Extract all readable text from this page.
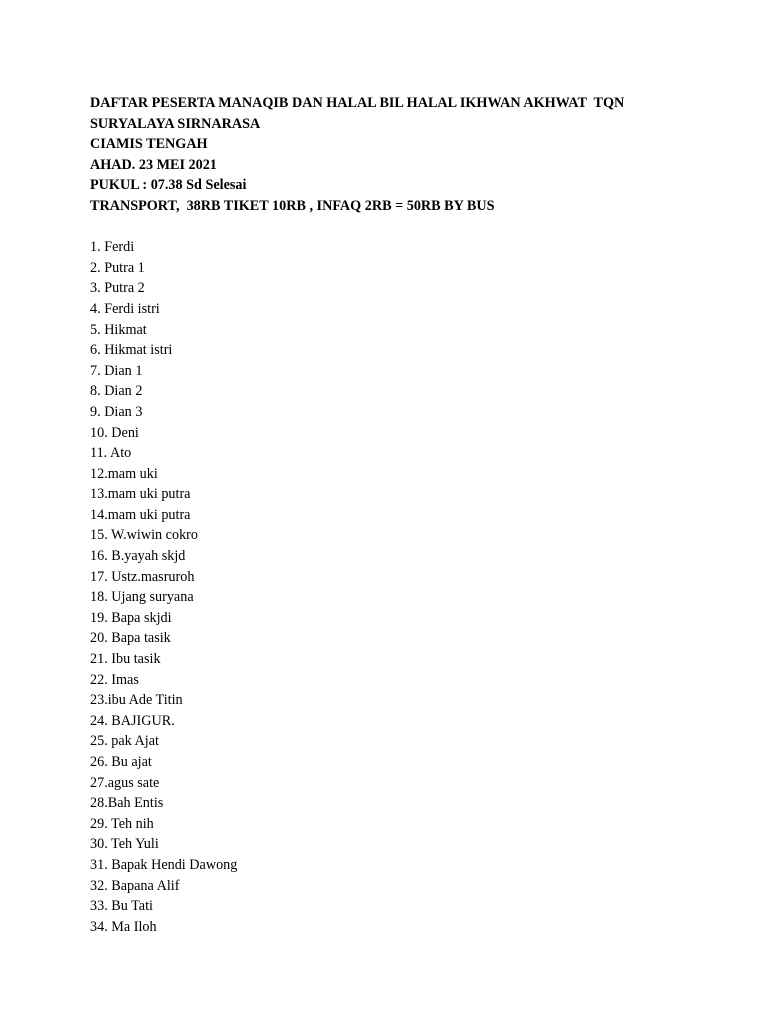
DAFTAR PESERTA MANAQIB DAN HALAL BIL HALAL IKHWAN AKHWAT  TQN

SURYALAYA SIRNARASA

CIAMIS TENGAH

AHAD. 23 MEI 2021

PUKUL : 07.38 Sd Selesai

TRANSPORT,  38RB TIKET 10RB , INFAQ 2RB = 50RB BY BUS

1. Ferdi
2. Putra 1
3. Putra 2
4. Ferdi istri
5. Hikmat
6. Hikmat istri
7. Dian 1
8. Dian 2
9. Dian 3
10. Deni
11. Ato
12.mam uki
13.mam uki putra
14.mam uki putra
15. W.wiwin cokro
16. B.yayah skjd
17. Ustz.masruroh
18. Ujang suryana
19. Bapa skjdi
20. Bapa tasik
21. Ibu tasik
22. Imas
23.ibu Ade Titin
24. BAJIGUR.
25. pak Ajat
26. Bu ajat
27.agus sate
28.Bah Entis
29. Teh nih
30. Teh Yuli
31. Bapak Hendi Dawong
32. Bapana Alif
33. Bu Tati
34. Ma Iloh
